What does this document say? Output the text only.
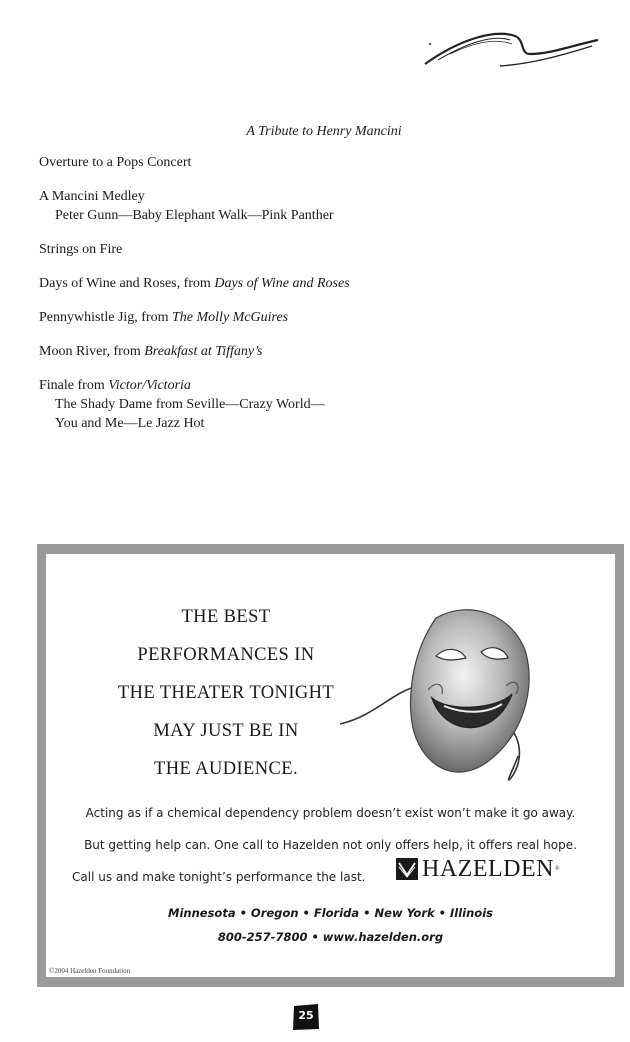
A Tribute to Henry Mancini
Overture to a Pops Concert
A Mancini Medley
Peter Gunn—Baby Elephant Walk—Pink Panther
Strings on Fire
Days of Wine and Roses, from Days of Wine and Roses
Pennywhistle Jig, from The Molly McGuires
Moon River, from Breakfast at Tiffany’s
Finale from Victor/Victoria
The Shady Dame from Seville—Crazy World—
You and Me—Le Jazz Hot
THE BEST
PERFORMANCES IN
THE THEATER TONIGHT
MAY JUST BE IN
THE AUDIENCE.
Acting as if a chemical dependency problem doesn’t exist won’t make it go away.
But getting help can. One call to Hazelden not only offers help, it offers real hope.
Call us and make tonight’s performance the last. HAZELDEN ®
Minnesota • Oregon • Florida • New York • Illinois
800-257-7800 • www.hazelden.org
©2004 Hazelden Foundation
25
